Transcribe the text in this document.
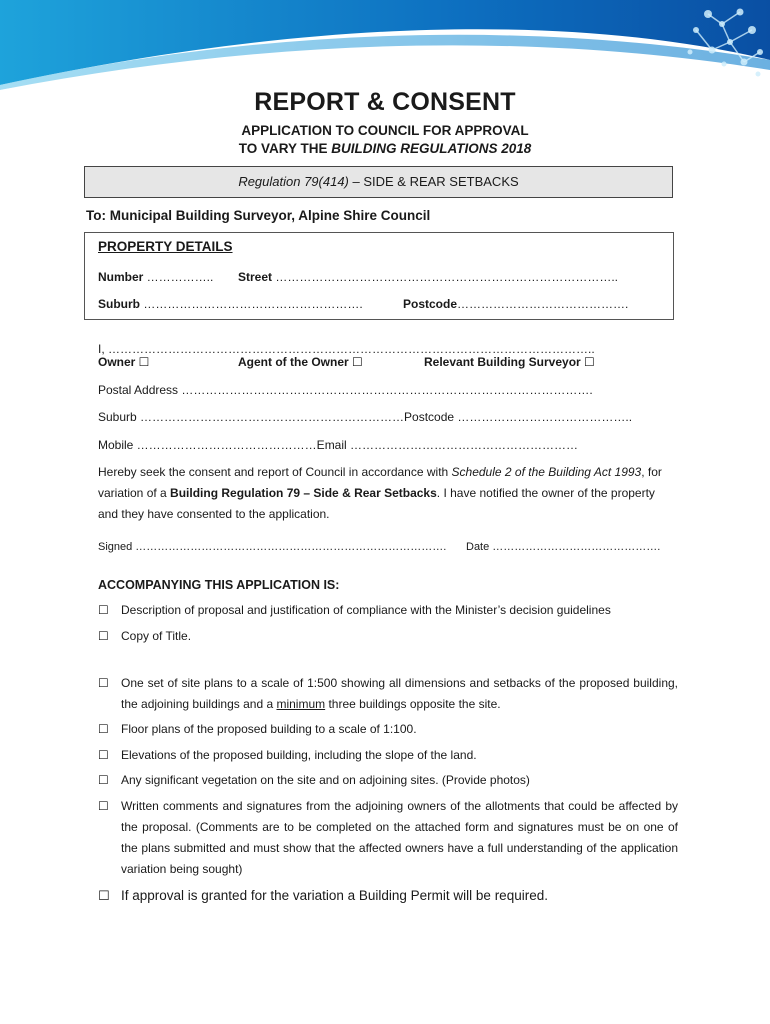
REPORT & CONSENT
APPLICATION TO COUNCIL FOR APPROVAL
TO VARY THE BUILDING REGULATIONS 2018
Regulation 79(414) – SIDE & REAR SETBACKS
To: Municipal Building Surveyor, Alpine Shire Council
PROPERTY DETAILS
Number …………….. Street …………………………………………………………………………..
Suburb ……………………………………………….	Postcode…………………………………….
I, …………………………………………………………………………………………………………..
Owner ☐	Agent of the Owner ☐	Relevant Building Surveyor ☐
Postal Address ………………………………………………………………………………………….
Suburb …………………………………………………………Postcode ……………………………………..
Mobile ………………………………………Email …………………………………………………
Hereby seek the consent and report of Council in accordance with Schedule 2 of the Building Act 1993, for variation of a Building Regulation 79 – Side & Rear Setbacks. I have notified the owner of the property and they have consented to the application.
Signed …………………………………………………………………………. Date ……………………………………….
ACCOMPANYING THIS APPLICATION IS:
☐ Description of proposal and justification of compliance with the Minister’s decision guidelines
☐ Copy of Title.
☐ One set of site plans to a scale of 1:500 showing all dimensions and setbacks of the proposed building, the adjoining buildings and a minimum three buildings opposite the site.
☐ Floor plans of the proposed building to a scale of 1:100.
☐ Elevations of the proposed building, including the slope of the land.
☐ Any significant vegetation on the site and on adjoining sites. (Provide photos)
☐ Written comments and signatures from the adjoining owners of the allotments that could be affected by the proposal. (Comments are to be completed on the attached form and signatures must be on one of the plans submitted and must show that the affected owners have a full understanding of the application variation being sought)
☐ If approval is granted for the variation a Building Permit will be required.
